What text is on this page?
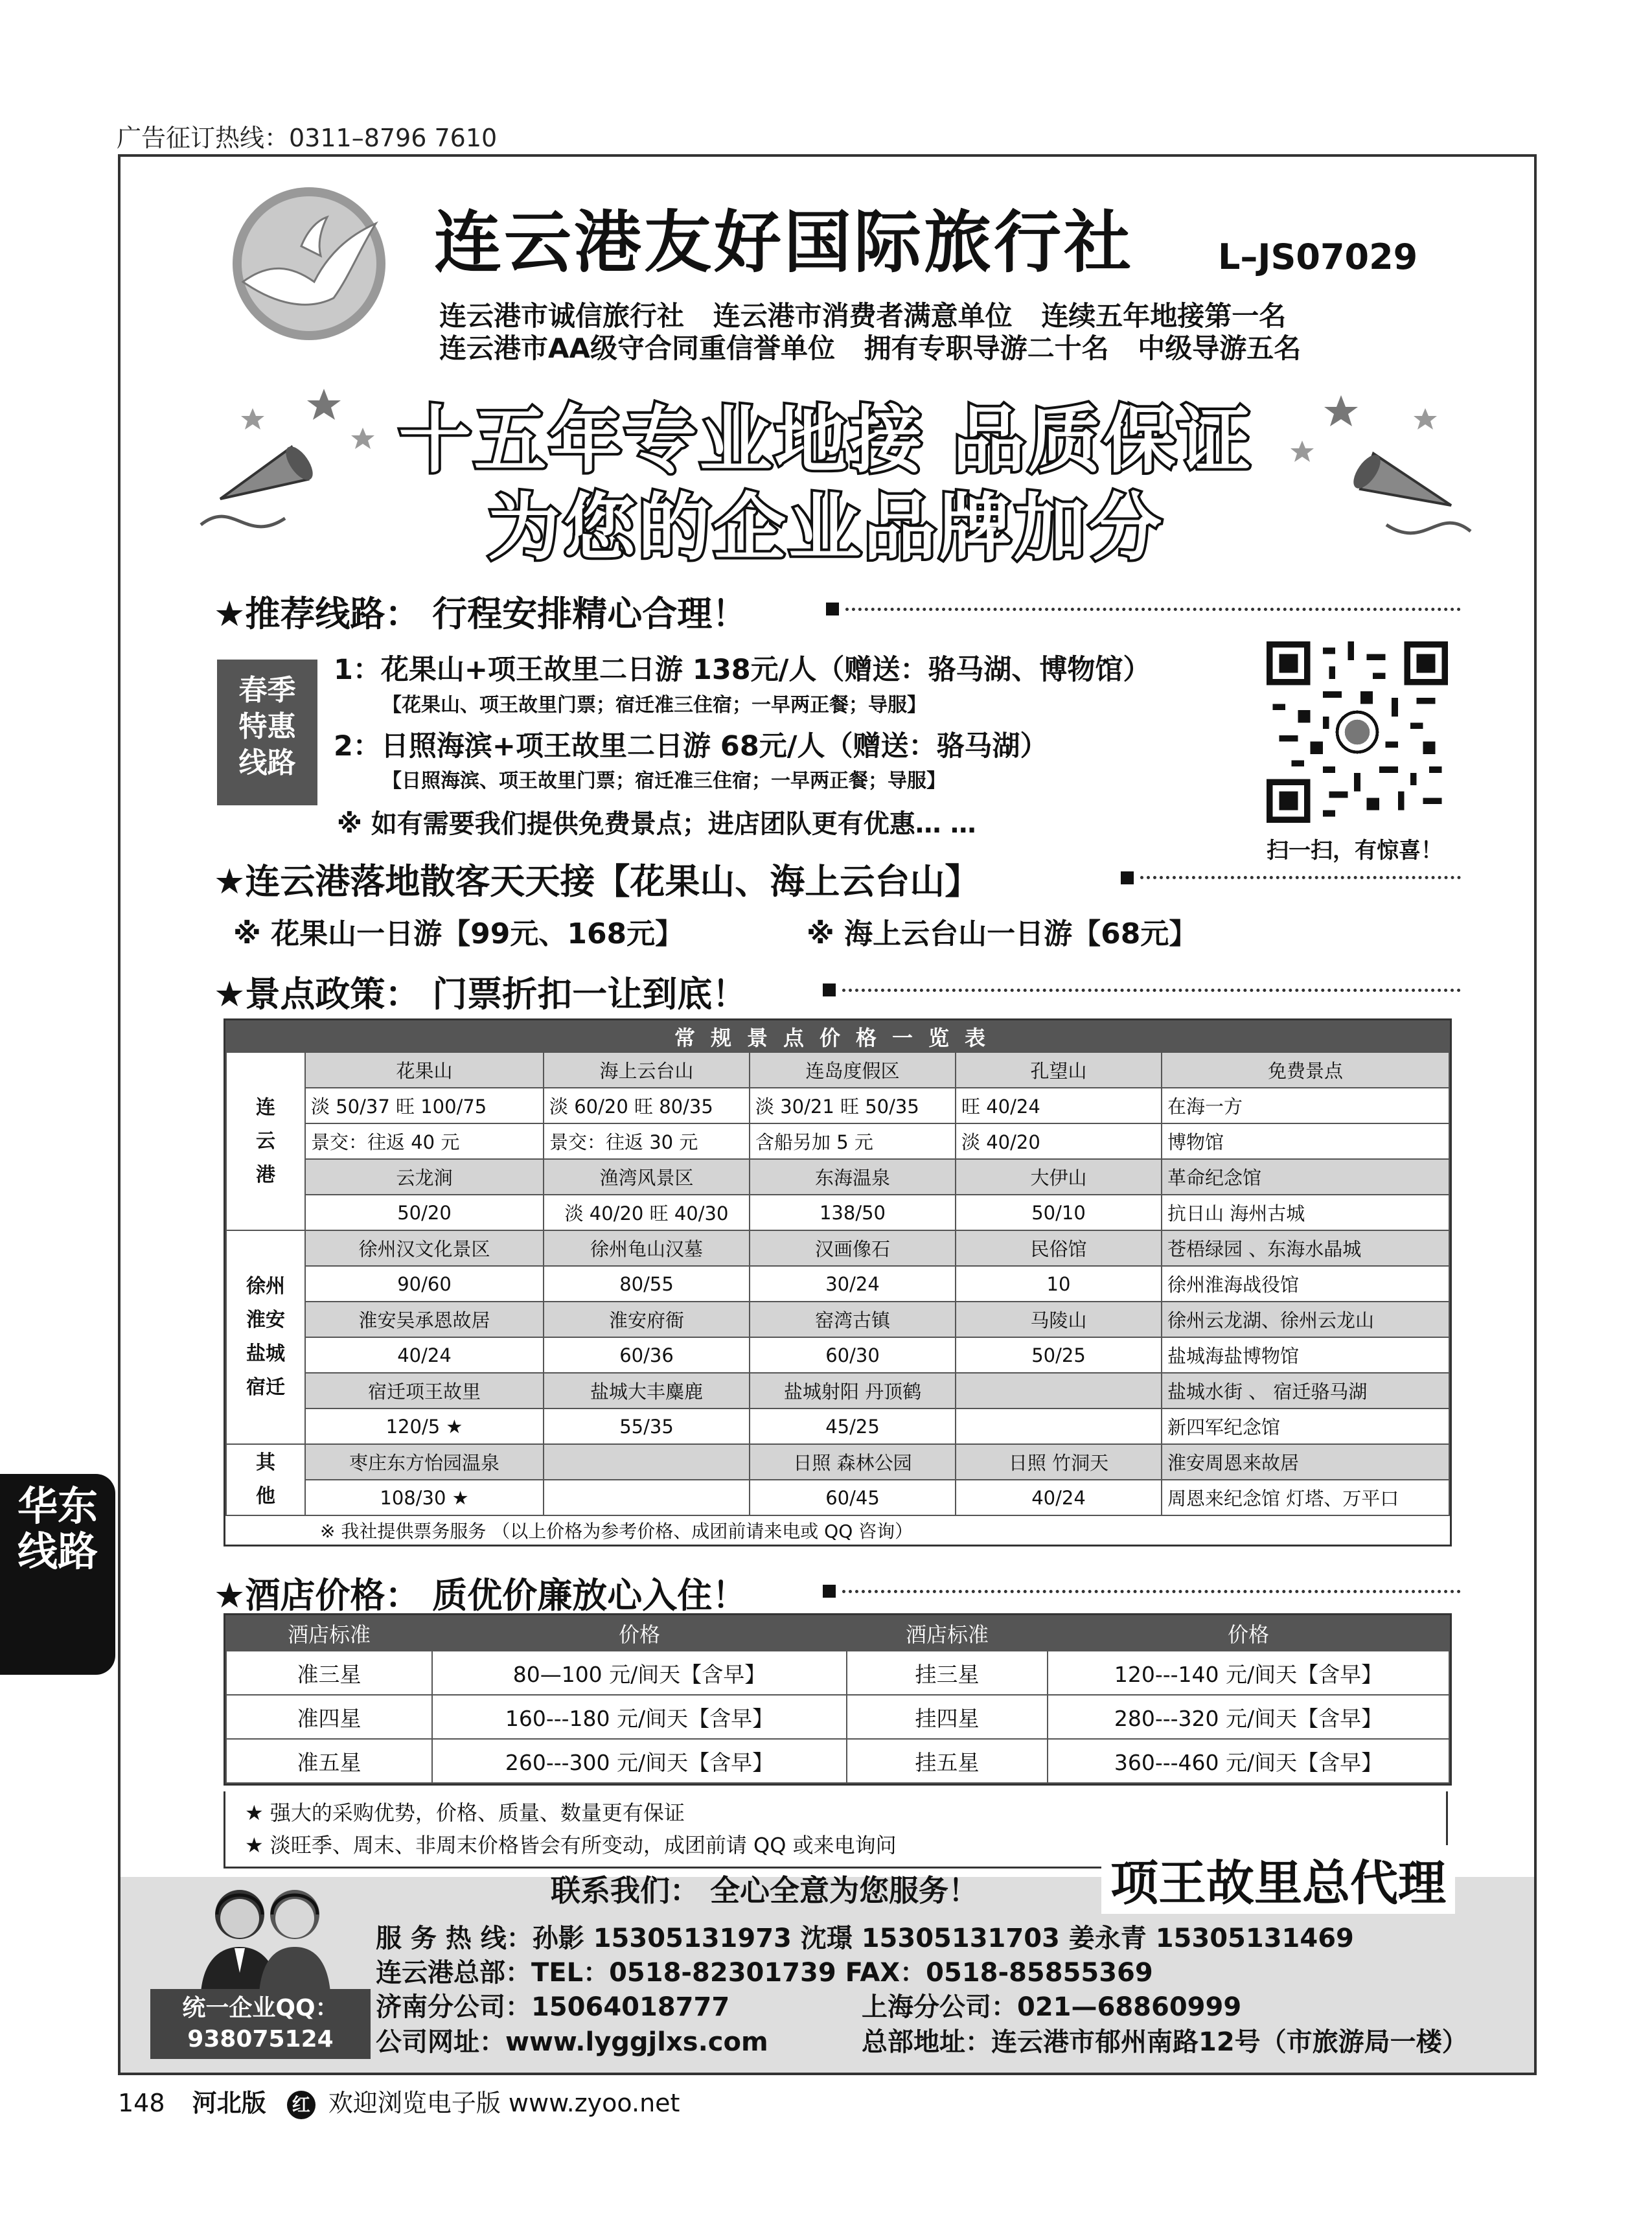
广告征订热线：0311–8796 7610
连云港友好国际旅行社 L–JS07029
连云港市诚信旅行社 连云港市消费者满意单位 连续五年地接第一名
连云港市AA级守合同重信誉单位 拥有专职导游二十名 中级导游五名
十五年专业地接 品质保证
为您的企业品牌加分
★推荐线路： 行程安排精心合理！
春季
特惠
线路
1：花果山+项王故里二日游 138元/人（赠送：骆马湖、博物馆）
【花果山、项王故里门票；宿迁准三住宿；一早两正餐；导服】
2：日照海滨+项王故里二日游 68元/人（赠送：骆马湖）
【日照海滨、项王故里门票；宿迁准三住宿；一早两正餐；导服】
※ 如有需要我们提供免费景点；进店团队更有优惠… …
扫一扫，有惊喜！
★连云港落地散客天天接【花果山、海上云台山】
※ 花果山一日游【99元、168元】	※ 海上云台山一日游【68元】
★景点政策： 门票折扣一让到底！
常规景点价格一览表					
连
云
港	花果山	海上云台山	连岛度假区	孔望山	免费景点
	淡 50/37 旺 100/75	淡 60/20 旺 80/35	淡 30/21 旺 50/35	旺 40/24	在海一方
	景交：往返 40 元	景交：往返 30 元	含船另加 5 元	淡 40/20	博物馆
	云龙涧	渔湾风景区	东海温泉	大伊山	革命纪念馆
	50/20	淡 40/20 旺 40/30	138/50	50/10	抗日山 海州古城
徐州
淮安
盐城
宿迁	徐州汉文化景区	徐州龟山汉墓	汉画像石	民俗馆	苍梧绿园 、东海水晶城
	90/60	80/55	30/24	10	徐州淮海战役馆
	淮安吴承恩故居	淮安府衙	窑湾古镇	马陵山	徐州云龙湖、徐州云龙山
	40/24	60/36	60/30	50/25	盐城海盐博物馆
	宿迁项王故里	盐城大丰麋鹿	盐城射阳 丹顶鹤		盐城水街 、 宿迁骆马湖
	120/5 ★	55/35	45/25		新四军纪念馆
其
他	枣庄东方怡园温泉		日照 森林公园	日照 竹洞天	淮安周恩来故居
	108/30 ★		60/45	40/24	周恩来纪念馆 灯塔、万平口
※ 我社提供票务服务 （以上价格为参考价格、成团前请来电或 QQ 咨询）					
★酒店价格： 质优价廉放心入住！
酒店标准	价格	酒店标准	价格
准三星	80—100 元/间天【含早】	挂三星	120---140 元/间天【含早】
准四星	160---180 元/间天【含早】	挂四星	280---320 元/间天【含早】
准五星	260---300 元/间天【含早】	挂五星	360---460 元/间天【含早】
★ 强大的采购优势，价格、质量、数量更有保证
★ 淡旺季、周末、非周末价格皆会有所变动，成团前请 QQ 或来电询问
项王故里总代理
联系我们： 全心全意为您服务！
统一企业QQ：
938075124
服 务 热 线：孙影 15305131973 沈璟 15305131703 姜永青 15305131469
连云港总部：TEL：0518-82301739 FAX：0518-85855369
济南分公司：15064018777	上海分公司：021—68860999
公司网址：www.lyggjlxs.com	总部地址：连云港市郁州南路12号（市旅游局一楼）
华东
线路
148 河北版 红 欢迎浏览电子版 www.zyoo.net
